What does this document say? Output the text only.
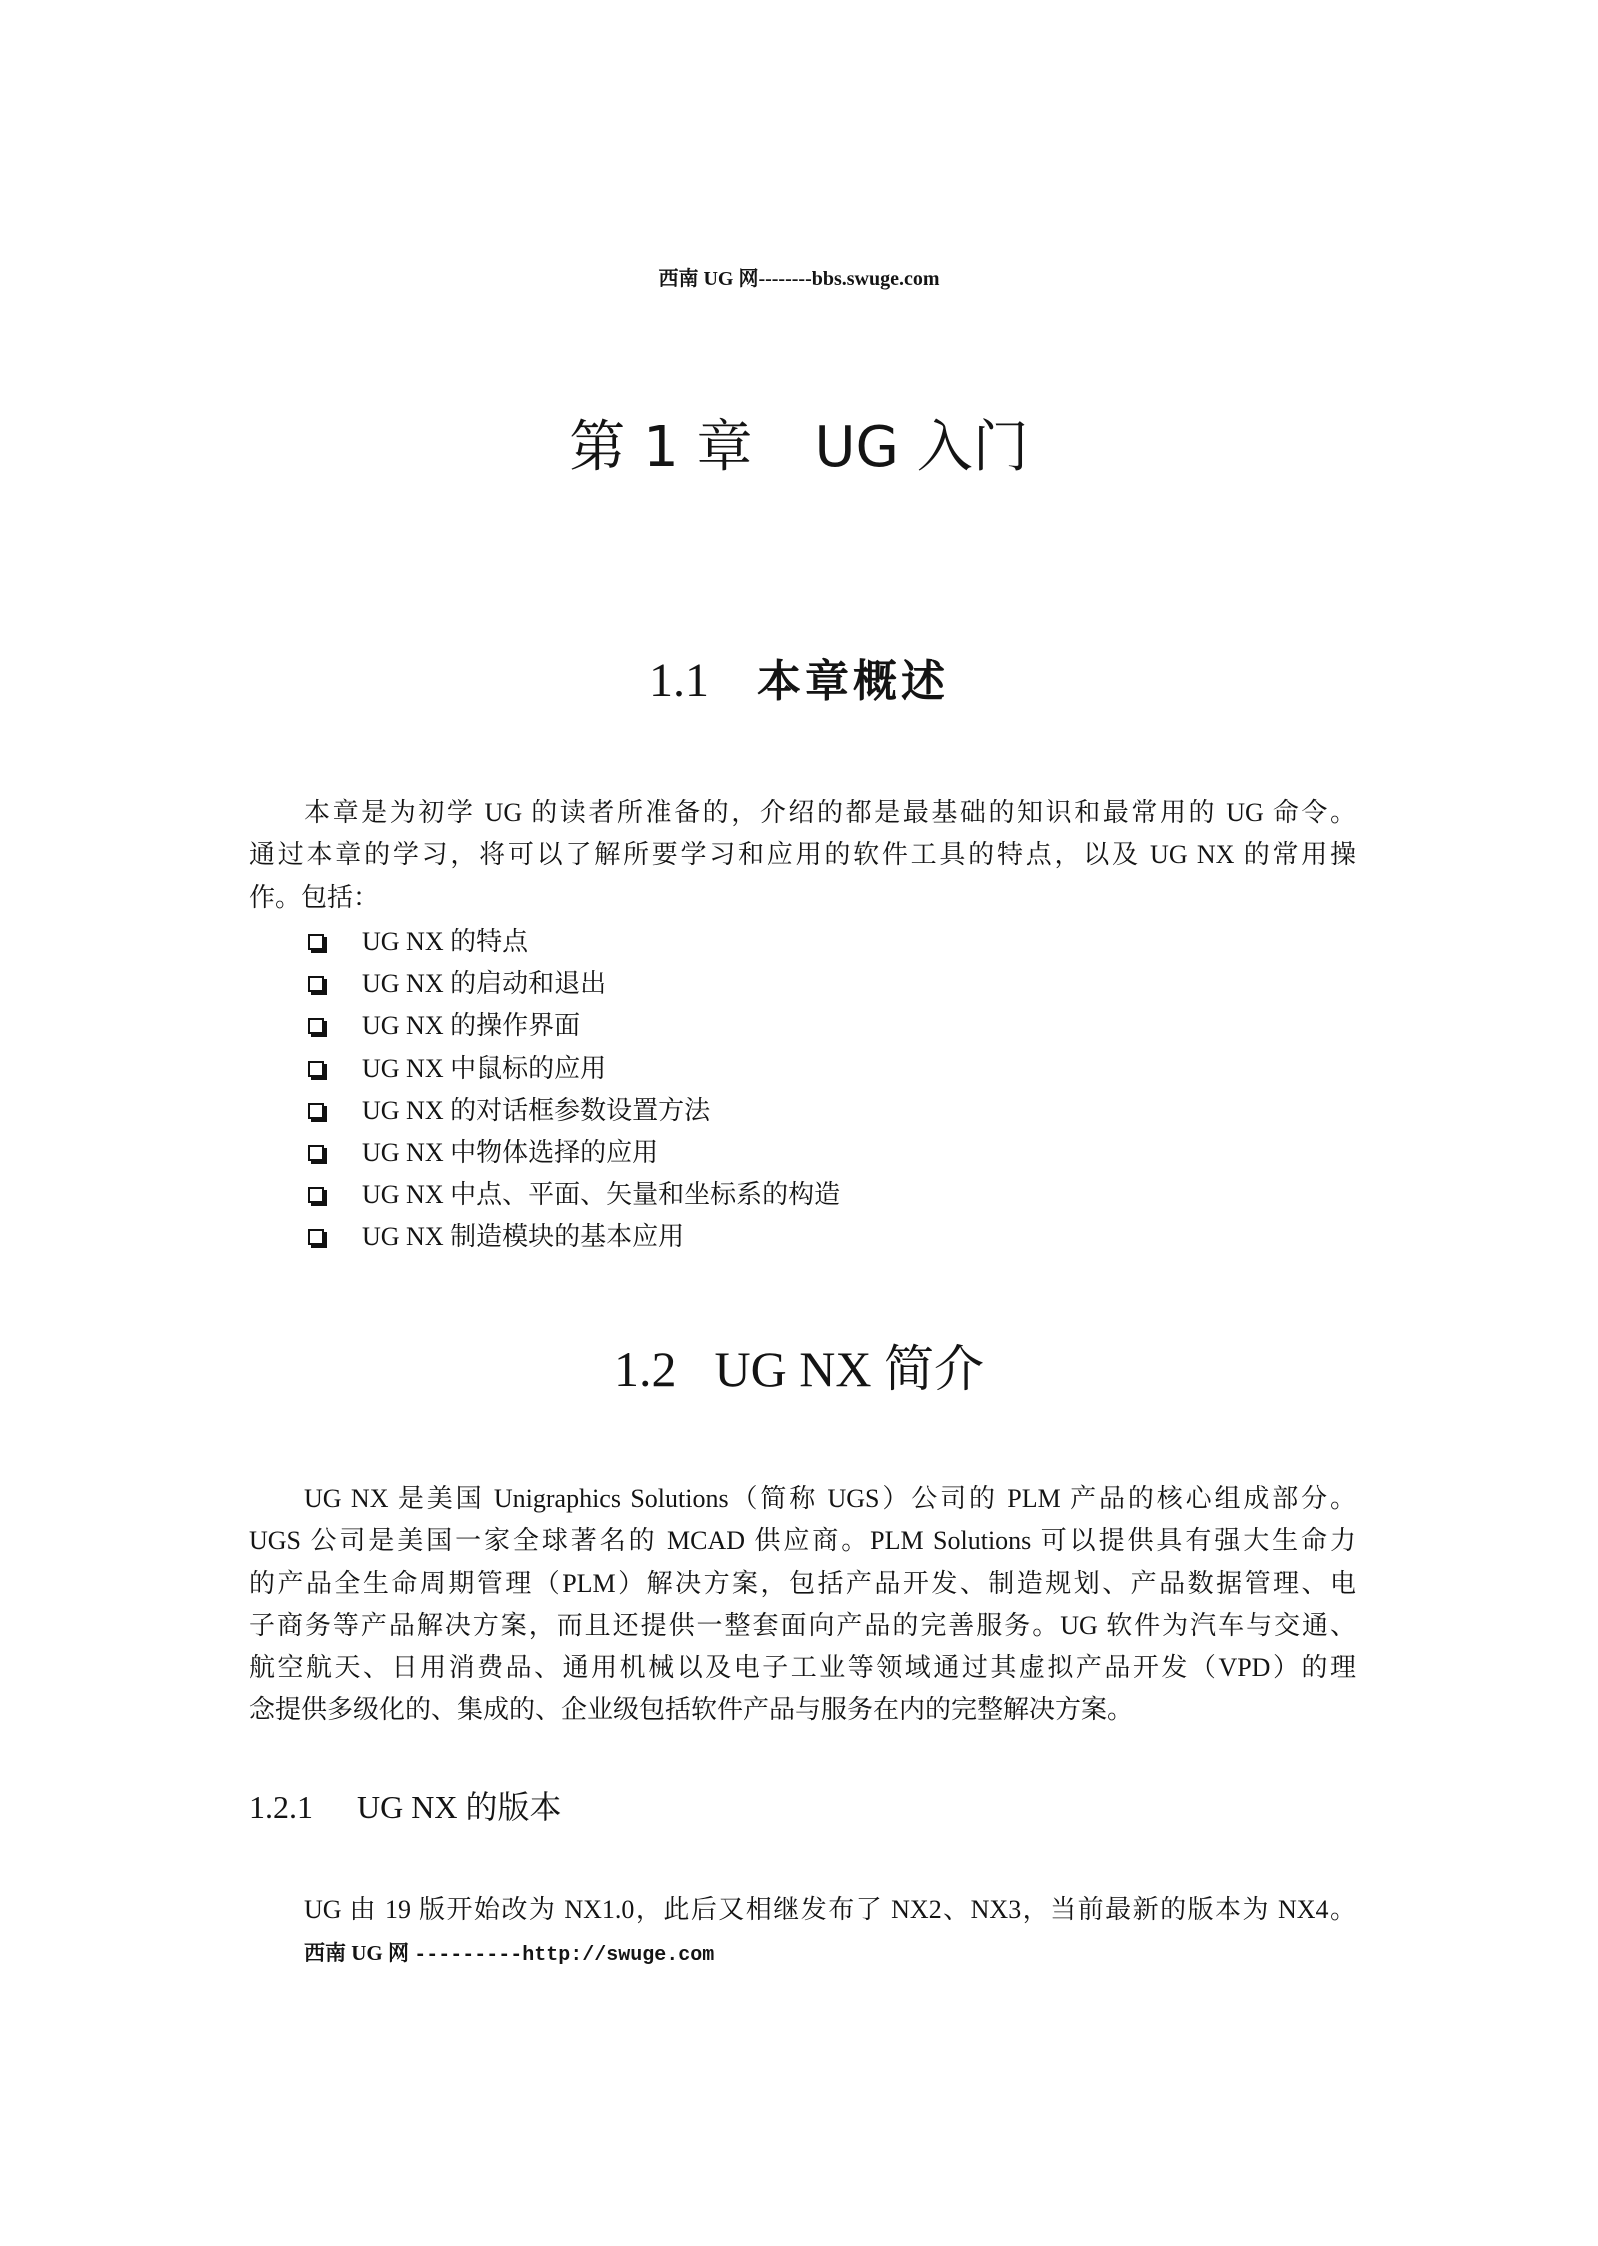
西南 UG 网--------bbs.swuge.com
第 1 章 UG 入门
1.1 本章概述
本章是为初学 UG 的读者所准备的，介绍的都是最基础的知识和最常用的 UG 命令。
通过本章的学习，将可以了解所要学习和应用的软件工具的特点，以及 UG NX 的常用操
作。包括：
UG NX 的特点
UG NX 的启动和退出
UG NX 的操作界面
UG NX 中鼠标的应用
UG NX 的对话框参数设置方法
UG NX 中物体选择的应用
UG NX 中点、平面、矢量和坐标系的构造
UG NX 制造模块的基本应用
1.2 UG NX 简介
UG NX 是美国 Unigraphics Solutions（简称 UGS）公司的 PLM 产品的核心组成部分。
UGS 公司是美国一家全球著名的 MCAD 供应商。PLM Solutions 可以提供具有强大生命力
的产品全生命周期管理（PLM）解决方案，包括产品开发、制造规划、产品数据管理、电
子商务等产品解决方案，而且还提供一整套面向产品的完善服务。UG 软件为汽车与交通、
航空航天、日用消费品、通用机械以及电子工业等领域通过其虚拟产品开发（VPD）的理
念提供多级化的、集成的、企业级包括软件产品与服务在内的完整解决方案。
1.2.1 UG NX 的版本
UG 由 19 版开始改为 NX1.0，此后又相继发布了 NX2、NX3，当前最新的版本为 NX4。
西南 UG 网 ---------http://swuge.com
